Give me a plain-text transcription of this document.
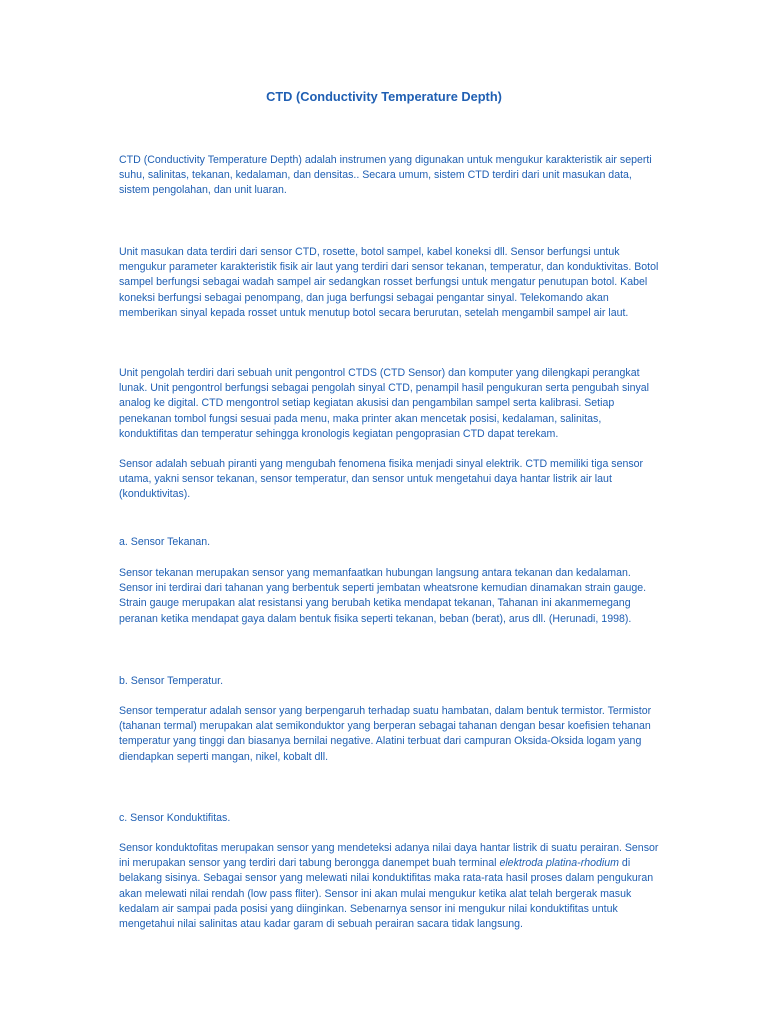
CTD (Conductivity Temperature Depth)

CTD (Conductivity Temperature Depth) adalah instrumen yang digunakan untuk mengukur karakteristik air seperti suhu, salinitas, tekanan, kedalaman, dan densitas.. Secara umum, sistem CTD terdiri dari unit masukan data, sistem pengolahan, dan unit luaran.

Unit masukan data terdiri dari sensor CTD, rosette, botol sampel, kabel koneksi dll. Sensor berfungsi untuk mengukur parameter karakteristik fisik air laut yang terdiri dari sensor tekanan, temperatur, dan konduktivitas. Botol sampel berfungsi sebagai wadah sampel air sedangkan rosset berfungsi untuk mengatur penutupan botol. Kabel koneksi berfungsi sebagai penompang, dan juga berfungsi sebagai pengantar sinyal. Telekomando akan memberikan sinyal kepada rosset untuk menutup botol secara berurutan, setelah mengambil sampel air laut.

Unit pengolah terdiri dari sebuah unit pengontrol CTDS (CTD Sensor) dan komputer yang dilengkapi perangkat lunak. Unit pengontrol berfungsi sebagai pengolah sinyal CTD, penampil hasil pengukuran serta pengubah sinyal analog ke digital. CTD mengontrol setiap kegiatan akusisi dan pengambilan sampel serta kalibrasi. Setiap penekanan tombol fungsi sesuai pada menu, maka printer akan mencetak posisi, kedalaman, salinitas, konduktifitas dan temperatur sehingga kronologis kegiatan pengoprasian CTD dapat terekam.

Sensor adalah sebuah piranti yang mengubah fenomena fisika menjadi sinyal elektrik. CTD memiliki tiga sensor utama, yakni sensor tekanan, sensor temperatur, dan sensor untuk mengetahui daya hantar listrik air laut (konduktivitas).

a. Sensor Tekanan.

Sensor tekanan merupakan sensor yang memanfaatkan hubungan langsung antara tekanan dan kedalaman. Sensor ini terdirai dari tahanan yang berbentuk seperti jembatan wheatsrone kemudian dinamakan strain gauge. Strain gauge merupakan alat resistansi yang berubah ketika mendapat tekanan, Tahanan ini akanmemegang peranan ketika mendapat gaya dalam bentuk fisika seperti tekanan, beban (berat), arus dll. (Herunadi, 1998).

b. Sensor Temperatur.

Sensor temperatur adalah sensor yang berpengaruh terhadap suatu hambatan, dalam bentuk termistor. Termistor (tahanan termal) merupakan alat semikonduktor yang berperan sebagai tahanan dengan besar koefisien tehanan temperatur yang tinggi dan biasanya bernilai negative. Alatini terbuat dari campuran Oksida-Oksida logam yang diendapkan seperti mangan, nikel, kobalt dll.

c. Sensor Konduktifitas.

Sensor konduktofitas merupakan sensor yang mendeteksi adanya nilai daya hantar listrik di suatu perairan. Sensor ini merupakan sensor yang terdiri dari tabung berongga danempet buah terminal elektroda platina-rhodium di belakang sisinya. Sebagai sensor yang melewati nilai konduktifitas maka rata-rata hasil proses dalam pengukuran akan melewati nilai rendah (low pass fliter). Sensor ini akan mulai mengukur ketika alat telah bergerak masuk kedalam air sampai pada posisi yang diinginkan. Sebenarnya sensor ini mengukur nilai konduktifitas untuk mengetahui nilai salinitas atau kadar garam di sebuah perairan sacara tidak langsung.
